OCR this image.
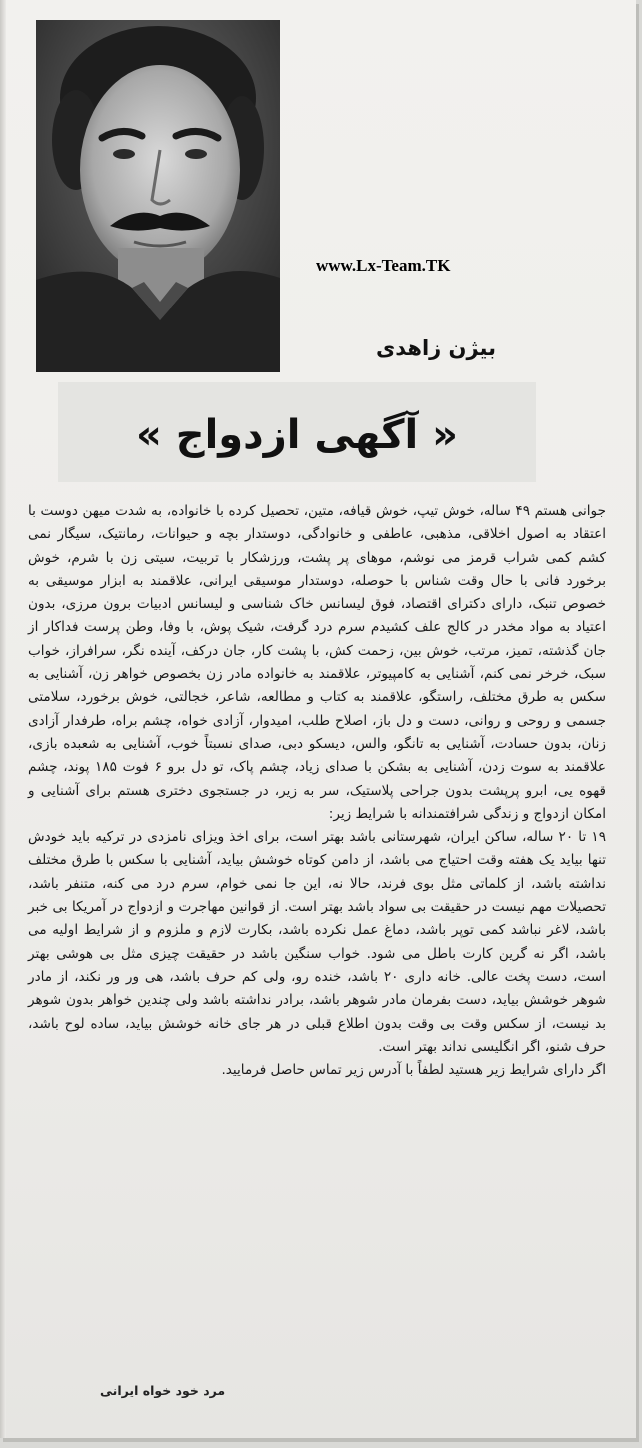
www.Lx-Team.TK
بیژن زاهدی
« آگهی ازدواج »

جوانی هستم ۴۹ ساله، خوش تیپ، خوش قیافه، متین، تحصیل کرده با خانواده، به شدت میهن دوست با اعتقاد به اصول اخلاقی، مذهبی، عاطفی و خانوادگی، دوستدار بچه و حیوانات، رمانتیک، سیگار نمی کشم کمی شراب قرمز می نوشم، موهای پر پشت، ورزشکار با تربیت، سیتی زن با شرم، خوش برخورد فانی با حال وقت شناس با حوصله، دوستدار موسیقی ایرانی، علاقمند به ابزار موسیقی به خصوص تنبک، دارای دکترای اقتصاد، فوق لیسانس خاک شناسی و لیسانس ادبیات برون مرزی، بدون اعتیاد به مواد مخدر در کالج علف کشیدم سرم درد گرفت، شیک پوش، با وفا، وطن پرست فداکار از جان گذشته، تمیز، مرتب، خوش بین، زحمت کش، با پشت کار، جان درکف، آینده نگر، سرافراز، خواب سبک، خرخر نمی کنم، آشنایی به کامپیوتر، علاقمند به خانواده مادر زن بخصوص خواهر زن، آشنایی به سکس به طرق مختلف، راستگو، علاقمند به کتاب و مطالعه، شاعر، خجالتی، خوش برخورد، سلامتی جسمی و روحی و روانی، دست و دل باز، اصلاح طلب، امیدوار، آزادی خواه، چشم براه، طرفدار آزادی زنان، بدون حسادت، آشنایی به تانگو، والس، دیسکو دبی، صدای نسبتاً خوب، آشنایی به شعبده بازی، علاقمند به سوت زدن، آشنایی به بشکن با صدای زیاد، چشم پاک، تو دل برو ۶ فوت ۱۸۵ پوند، چشم قهوه یی، ابرو پرپشت بدون جراحی پلاستیک، سر به زیر، در جستجوی دختری هستم برای آشنایی و امکان ازدواج و زندگی شرافتمندانه با شرایط زیر:

۱۹ تا ۲۰ ساله، ساکن ایران، شهرستانی باشد بهتر است، برای اخذ ویزای نامزدی در ترکیه باید خودش تنها بیاید یک هفته وقت احتیاج می باشد، از دامن کوتاه خوشش بیاید، آشنایی با سکس با طرق مختلف نداشته باشد، از کلماتی مثل بوی فرند، حالا نه، این جا نمی خوام، سرم درد می کنه، متنفر باشد، تحصیلات مهم نیست در حقیقت بی سواد باشد بهتر است. از قوانین مهاجرت و ازدواج در آمریکا بی خبر باشد، لاغر نباشد کمی توپر باشد، دماغ عمل نکرده باشد، بکارت لازم و ملزوم و از شرایط اولیه می باشد، اگر نه گرین کارت باطل می شود. خواب سنگین باشد در حقیقت چیزی مثل بی هوشی بهتر است، دست پخت عالی. خانه داری ۲۰ باشد، خنده رو، ولی کم حرف باشد، هی ور ور نکند، از مادر شوهر خوشش بیاید، دست بفرمان مادر شوهر باشد، برادر نداشته باشد ولی چندین خواهر بدون شوهر بد نیست، از سکس وقت بی وقت بدون اطلاع قبلی در هر جای خانه خوشش بیاید، ساده لوح باشد، حرف شنو، اگر انگلیسی نداند بهتر است.

اگر دارای شرایط زیر هستید لطفاً با آدرس زیر تماس حاصل فرمایید.

مرد خود خواه ایرانی
